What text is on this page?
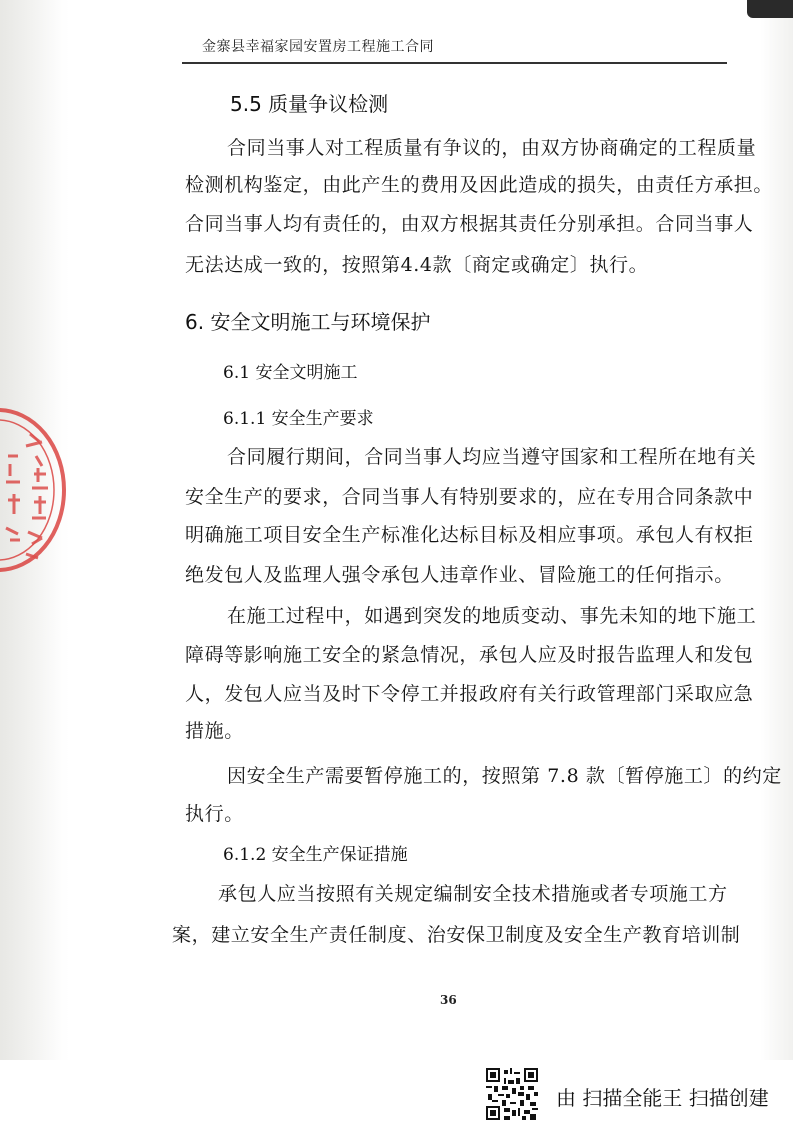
金寨县幸福家园安置房工程施工合同
5.5 质量争议检测
合同当事人对工程质量有争议的，由双方协商确定的工程质量
检测机构鉴定，由此产生的费用及因此造成的损失，由责任方承担。
合同当事人均有责任的，由双方根据其责任分别承担。合同当事人
无法达成一致的，按照第4.4款〔商定或确定〕执行。
6. 安全文明施工与环境保护
6.1 安全文明施工
6.1.1 安全生产要求
合同履行期间，合同当事人均应当遵守国家和工程所在地有关
安全生产的要求，合同当事人有特别要求的，应在专用合同条款中
明确施工项目安全生产标准化达标目标及相应事项。承包人有权拒
绝发包人及监理人强令承包人违章作业、冒险施工的任何指示。
在施工过程中，如遇到突发的地质变动、事先未知的地下施工
障碍等影响施工安全的紧急情况，承包人应及时报告监理人和发包
人，发包人应当及时下令停工并报政府有关行政管理部门采取应急
措施。
因安全生产需要暂停施工的，按照第 7.8 款〔暂停施工〕的约定
执行。
6.1.2 安全生产保证措施
承包人应当按照有关规定编制安全技术措施或者专项施工方
案，建立安全生产责任制度、治安保卫制度及安全生产教育培训制
36
由 扫描全能王 扫描创建
